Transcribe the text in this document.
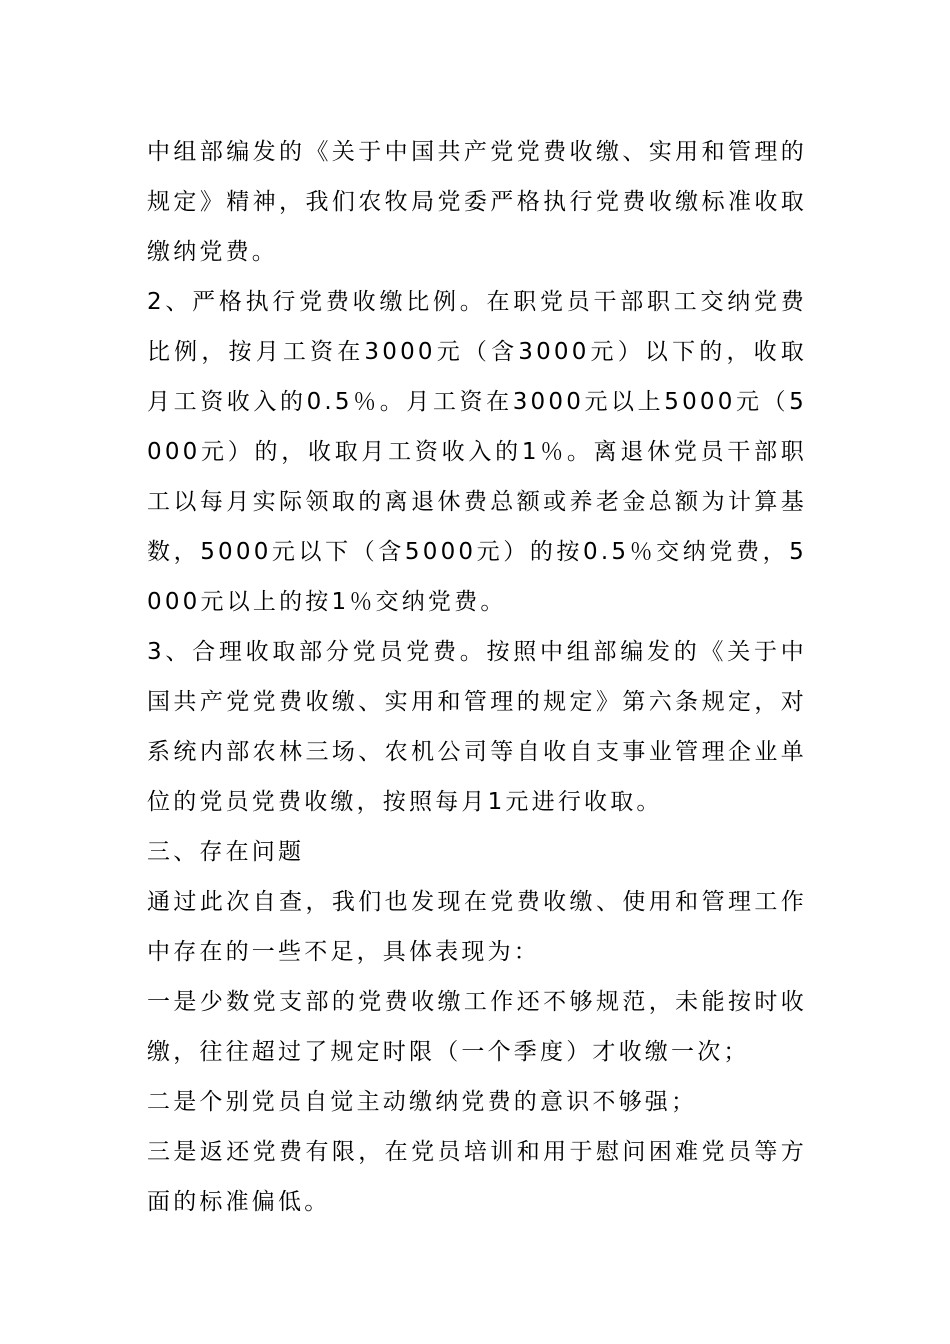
中组部编发的《关于中国共产党党费收缴、实用和管理的规定》精神，我们农牧局党委严格执行党费收缴标准收取缴纳党费。

2、严格执行党费收缴比例。在职党员干部职工交纳党费比例，按月工资在3000元（含3000元）以下的，收取月工资收入的0.5％。月工资在3000元以上5000元（5000元）的，收取月工资收入的1％。离退休党员干部职工以每月实际领取的离退休费总额或养老金总额为计算基数，5000元以下（含5000元）的按0.5％交纳党费，5000元以上的按1％交纳党费。

3、合理收取部分党员党费。按照中组部编发的《关于中国共产党党费收缴、实用和管理的规定》第六条规定，对系统内部农林三场、农机公司等自收自支事业管理企业单位的党员党费收缴，按照每月1元进行收取。

三、存在问题

通过此次自查，我们也发现在党费收缴、使用和管理工作中存在的一些不足，具体表现为：

一是少数党支部的党费收缴工作还不够规范，未能按时收缴，往往超过了规定时限（一个季度）才收缴一次；

二是个别党员自觉主动缴纳党费的意识不够强；

三是返还党费有限，在党员培训和用于慰问困难党员等方面的标准偏低。
